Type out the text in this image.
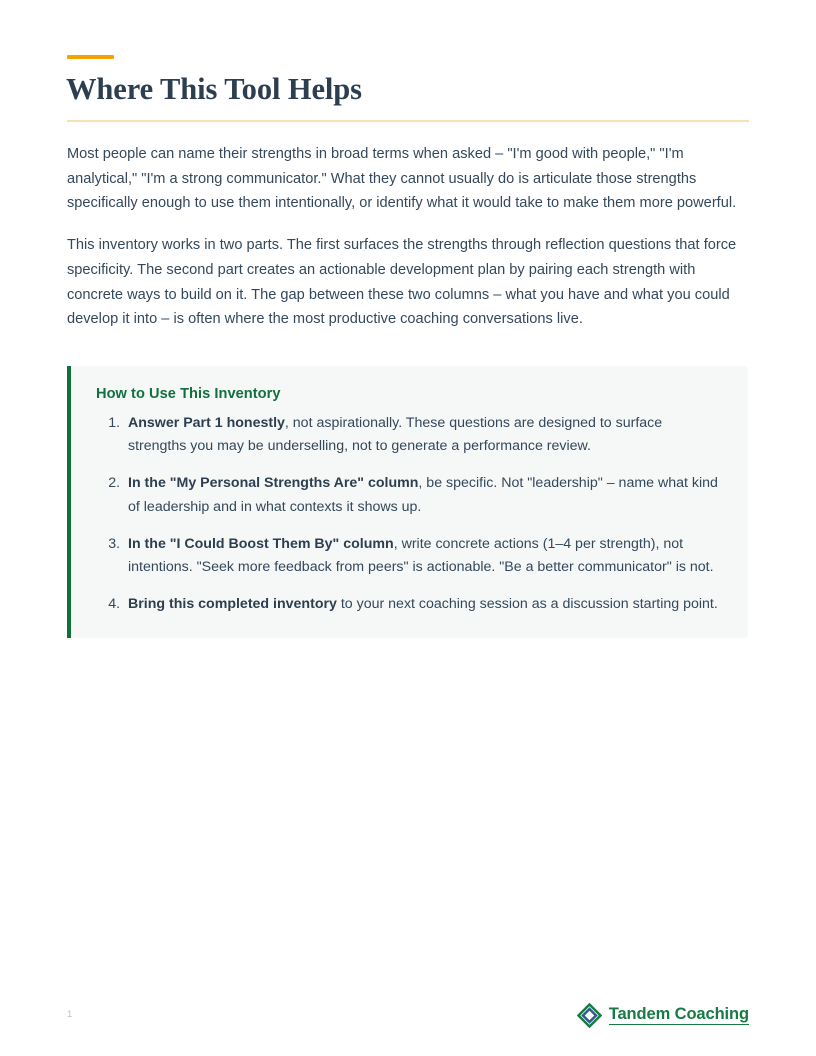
Where This Tool Helps

Most people can name their strengths in broad terms when asked – "I'm good with people," "I'm analytical," "I'm a strong communicator." What they cannot usually do is articulate those strengths specifically enough to use them intentionally, or identify what it would take to make them more powerful.

This inventory works in two parts. The first surfaces the strengths through reflection questions that force specificity. The second part creates an actionable development plan by pairing each strength with concrete ways to build on it. The gap between these two columns – what you have and what you could develop it into – is often where the most productive coaching conversations live.

How to Use This Inventory
1. Answer Part 1 honestly, not aspirationally. These questions are designed to surface strengths you may be underselling, not to generate a performance review.
2. In the "My Personal Strengths Are" column, be specific. Not "leadership" – name what kind of leadership and in what contexts it shows up.
3. In the "I Could Boost Them By" column, write concrete actions (1–4 per strength), not intentions. "Seek more feedback from peers" is actionable. "Be a better communicator" is not.
4. Bring this completed inventory to your next coaching session as a discussion starting point.
1	Tandem Coaching
